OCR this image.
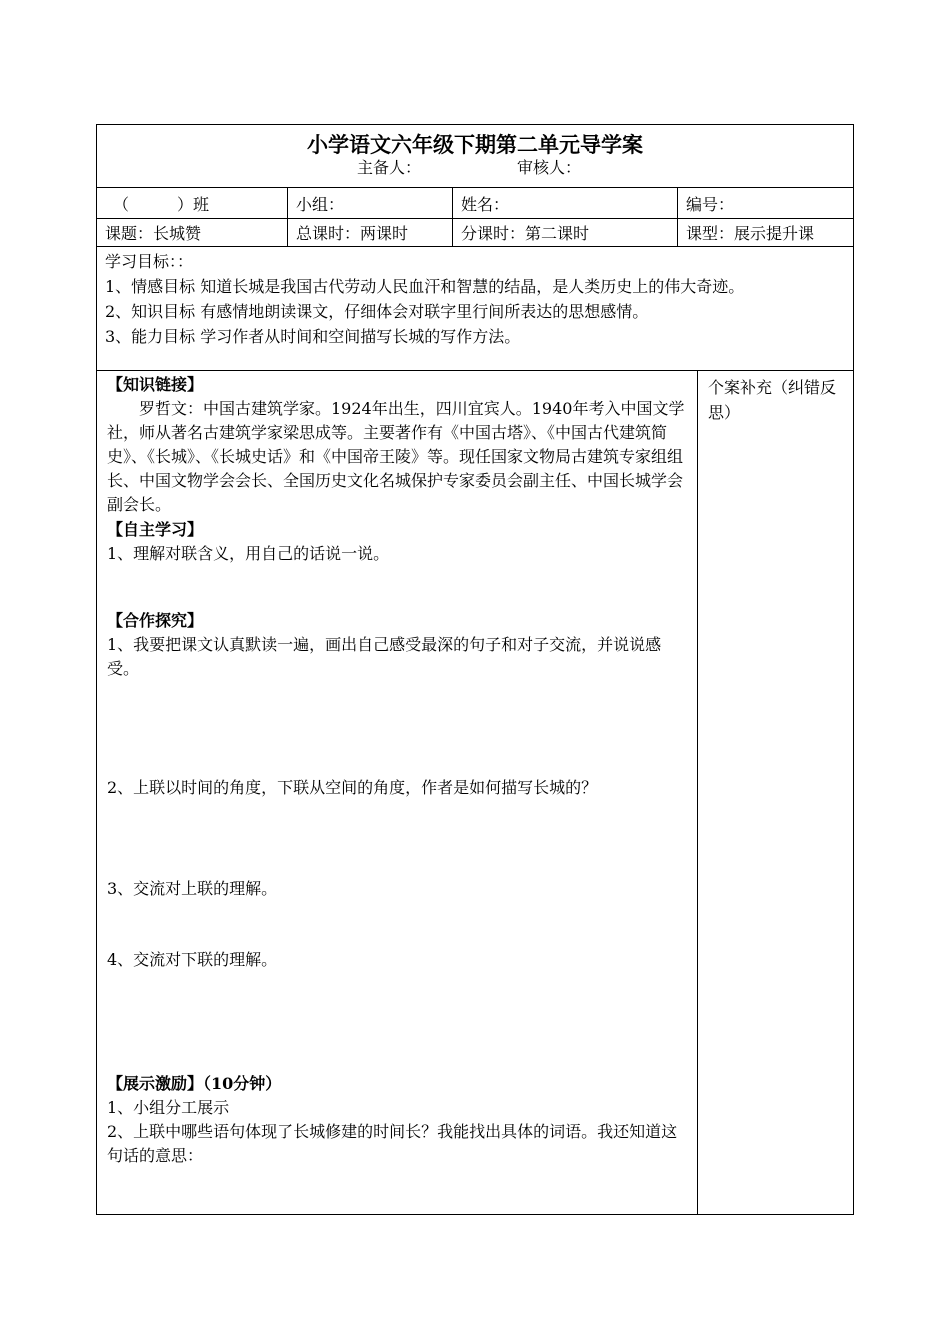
小学语文六年级下期第二单元导学案
主备人：	审核人：
（　　　）班	小组：	姓名：	编号：
课题：长城赞	总课时：两课时	分课时：第二课时	课型：展示提升课

学习目标：：

1、情感目标 知道长城是我国古代劳动人民血汗和智慧的结晶，是人类历史上的伟大奇迹。

2、知识目标 有感情地朗读课文，仔细体会对联字里行间所表达的思想感情。

3、能力目标 学习作者从时间和空间描写长城的写作方法。

【知识链接】

罗哲文：中国古建筑学家。1924年出生，四川宜宾人。1940年考入中国文学社，师从著名古建筑学家梁思成等。主要著作有《中国古塔》、《中国古代建筑简史》、《长城》、《长城史话》和《中国帝王陵》等。现任国家文物局古建筑专家组组长、中国文物学会会长、全国历史文化名城保护专家委员会副主任、中国长城学会副会长。

【自主学习】

1、理解对联含义，用自己的话说一说。

【合作探究】

1、我要把课文认真默读一遍，画出自己感受最深的句子和对子交流，并说说感受。

2、上联以时间的角度，下联从空间的角度，作者是如何描写长城的？

3、交流对上联的理解。

4、交流对下联的理解。

【展示激励】（10分钟）

1、小组分工展示

2、上联中哪些语句体现了长城修建的时间长？我能找出具体的词语。我还知道这句话的意思：

个案补充（纠错反思）
